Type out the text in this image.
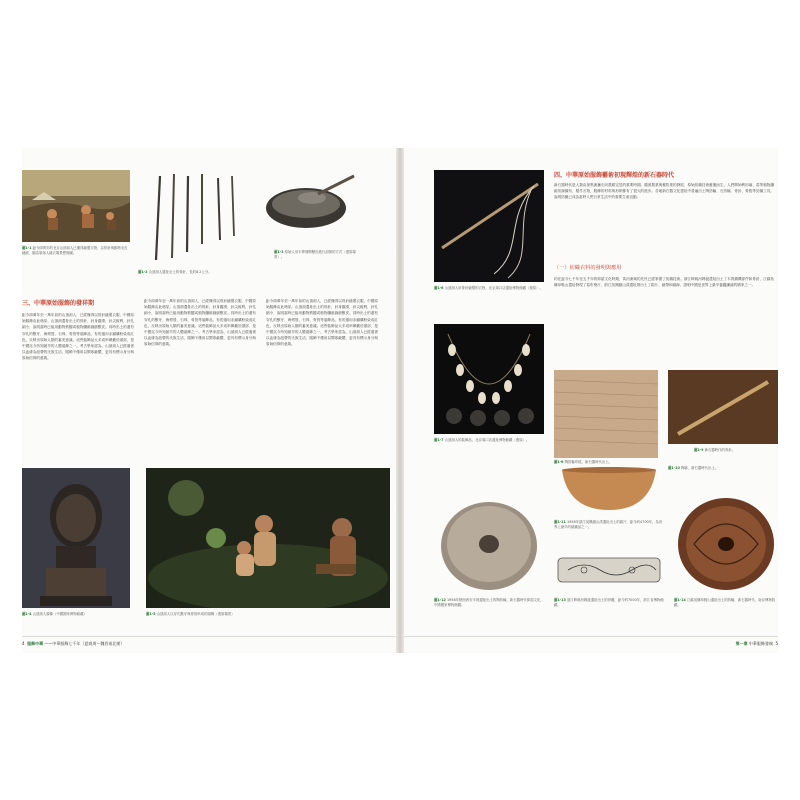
圖1-1 距今兩萬年的北京山頂洞人已懂得縫製衣物，以骨針與動物毛皮縫綴，圖為原始人縫衣場景想像圖。
圖1-2 山頂洞人遺址出土的骨針，長約8.2公分。
圖1-3 原始人用木棒撐開獸皮進行刮削的方式（復原場景）。
三、中華原始服飾的發祥期
距今兩萬年至一萬年前的山頂洞人，已經懂得以骨針縫製衣服，中國原始服飾由此萌芽。山頂洞遺址出土的骨針，針身圓滑，針尖銳利，針孔細小，說明當時已能用動物筋腱或植物纖維縫綴獸皮。同時出土的還有穿孔的獸牙、海蚶殼、石珠、骨管等裝飾品，有的還用赤鐵礦粉染成紅色，反映出原始人類的審美意識。這些裝飾品大多成串佩戴於頸部，是中國迄今所知最早的人體裝飾之一。考古學家認為，山頂洞人已經過著以血緣為紐帶的氏族生活，服飾不僅用以禦寒蔽體，更具有標示身分與原始信仰的意義。
距今兩萬年至一萬年前的山頂洞人，已經懂得以骨針縫製衣服，中國原始服飾由此萌芽。山頂洞遺址出土的骨針，針身圓滑，針尖銳利，針孔細小，說明當時已能用動物筋腱或植物纖維縫綴獸皮。同時出土的還有穿孔的獸牙、海蚶殼、石珠、骨管等裝飾品，有的還用赤鐵礦粉染成紅色，反映出原始人類的審美意識。這些裝飾品大多成串佩戴於頸部，是中國迄今所知最早的人體裝飾之一。考古學家認為，山頂洞人已經過著以血緣為紐帶的氏族生活，服飾不僅用以禦寒蔽體，更具有標示身分與原始信仰的意義。
距今兩萬年至一萬年前的山頂洞人，已經懂得以骨針縫製衣服，中國原始服飾由此萌芽。山頂洞遺址出土的骨針，針身圓滑，針尖銳利，針孔細小，說明當時已能用動物筋腱或植物纖維縫綴獸皮。同時出土的還有穿孔的獸牙、海蚶殼、石珠、骨管等裝飾品，有的還用赤鐵礦粉染成紅色，反映出原始人類的審美意識。這些裝飾品大多成串佩戴於頸部，是中國迄今所知最早的人體裝飾之一。考古學家認為，山頂洞人已經過著以血緣為紐帶的氏族生活，服飾不僅用以禦寒蔽體，更具有標示身分與原始信仰的意義。
圖1-4 山頂洞人頭像（中國國家博物館藏）	圖1-5 山頂洞人以穿孔獸牙與骨管串成的頸飾（復原場景）
4 服飾中華 ——中華服飾七千年（夏商周～魏晉南北朝）
圖1-6 山頂洞人用骨針縫製的衣物，北京周口店遺址博物館藏（復原）。
四、中華原始服飾藝術初現輝煌的新石器時代
新石器時代是人類由採集漁獵走向農耕定居的重要時期。隨著農業與畜牧業的發展，原始紡織技術應運而生，人們開始利用麻、葛等植物纖維紡線織布，製作衣物，服飾的材料與形制都有了很大的進步。各地新石器文化遺址中普遍出土陶紡輪、石紡輪、骨針、骨梭等紡織工具，說明紡織已成為當時人們日常生活中的重要生產活動。
（一）紡織衣料的發明與應用
約在距今七千年至五千年的仰韶文化時期，黃河流域的先民已經掌握了紡織技術。浙江餘姚河姆渡遺址出土了木質織機部件和骨針，江蘇吳縣草鞋山遺址發現了葛布殘片，浙江吳興錢山漾遺址則出土了絹片、絲帶和絲線，證明中國是世界上最早養蠶繅絲的國家之一。
圖1-7 山頂洞人的裝飾品，北京周口店遺址博物館藏（復原）。
圖1-8 陶紡輪印痕，新石器時代出土。
圖1-9 新石器時代的骨針。
圖1-12 1958年陝西西安半坡遺址出土的陶紡輪，新石器時代仰韶文化，中國國家博物館藏。
圖1-11 1958年浙江吳興錢山漾遺址出土的絹片，距今約4700年，為世界上最早的絲織品之一。
圖1-13 浙江餘姚河姆渡遺址出土的骨雕，距今約7000年，浙江省博物館藏。
圖1-14 江蘇吳縣草鞋山遺址出土的紡輪，新石器時代，南京博物院藏。
圖1-10 陶缽，新石器時代出土。
第一章 中華服飾發端 5
